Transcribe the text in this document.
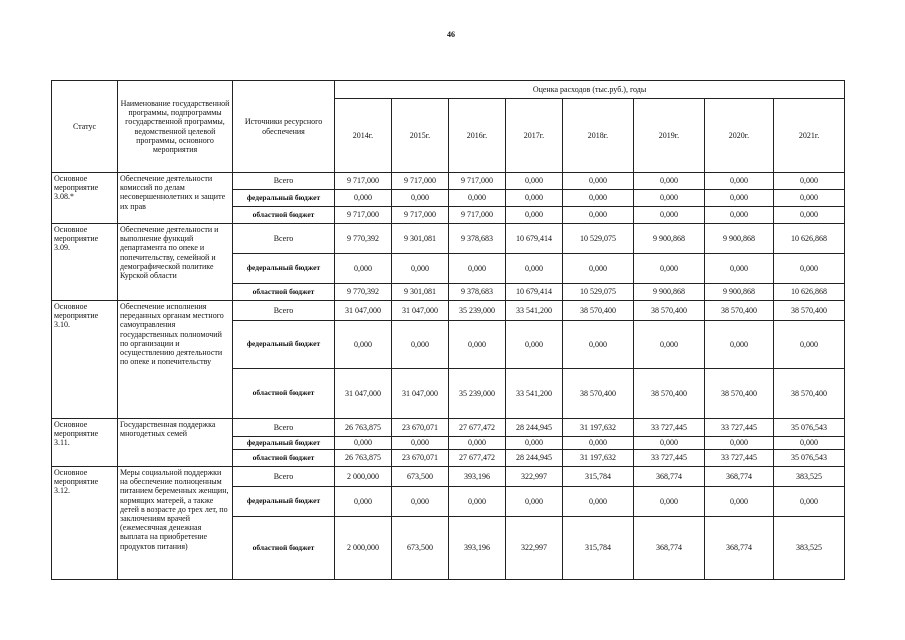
46
Статус	Наименование государственной программы, подпрограммы государственной программы, ведомственной целевой программы, основного мероприятия	Источники ресурсного обеспечения	Оценка расходов (тыс.руб.), годы							
			2014г.	2015г.	2016г.	2017г.	2018г.	2019г.	2020г.	2021г.
Основное мероприятие 3.08.*	Обеспечение деятельности комиссий по делам несовершеннолетних и защите их прав	Всего	9 717,000	9 717,000	9 717,000	0,000	0,000	0,000	0,000	0,000
		федеральный бюджет	0,000	0,000	0,000	0,000	0,000	0,000	0,000	0,000
		областной бюджет	9 717,000	9 717,000	9 717,000	0,000	0,000	0,000	0,000	0,000
Основное мероприятие 3.09.	Обеспечение деятельности и выполнение функций департамента по опеке и попечительству, семейной и демографической политике Курской области	Всего	9 770,392	9 301,081	9 378,683	10 679,414	10 529,075	9 900,868	9 900,868	10 626,868
		федеральный бюджет	0,000	0,000	0,000	0,000	0,000	0,000	0,000	0,000
		областной бюджет	9 770,392	9 301,081	9 378,683	10 679,414	10 529,075	9 900,868	9 900,868	10 626,868
Основное мероприятие 3.10.	Обеспечение исполнения переданных органам местного самоуправления государственных полномочий по организации и осуществлению деятельности по опеке и попечительству	Всего	31 047,000	31 047,000	35 239,000	33 541,200	38 570,400	38 570,400	38 570,400	38 570,400
		федеральный бюджет	0,000	0,000	0,000	0,000	0,000	0,000	0,000	0,000
		областной бюджет	31 047,000	31 047,000	35 239,000	33 541,200	38 570,400	38 570,400	38 570,400	38 570,400
Основное мероприятие 3.11.	Государственная поддержка многодетных семей	Всего	26 763,875	23 670,071	27 677,472	28 244,945	31 197,632	33 727,445	33 727,445	35 076,543
		федеральный бюджет	0,000	0,000	0,000	0,000	0,000	0,000	0,000	0,000
		областной бюджет	26 763,875	23 670,071	27 677,472	28 244,945	31 197,632	33 727,445	33 727,445	35 076,543
Основное мероприятие 3.12.	Меры социальной поддержки на обеспечение полноценным питанием беременных женщин, кормящих матерей, а также детей в возрасте до трех лет, по заключениям врачей (ежемесячная денежная выплата на приобретение продуктов питания)	Всего	2 000,000	673,500	393,196	322,997	315,784	368,774	368,774	383,525
		федеральный бюджет	0,000	0,000	0,000	0,000	0,000	0,000	0,000	0,000
		областной бюджет	2 000,000	673,500	393,196	322,997	315,784	368,774	368,774	383,525
